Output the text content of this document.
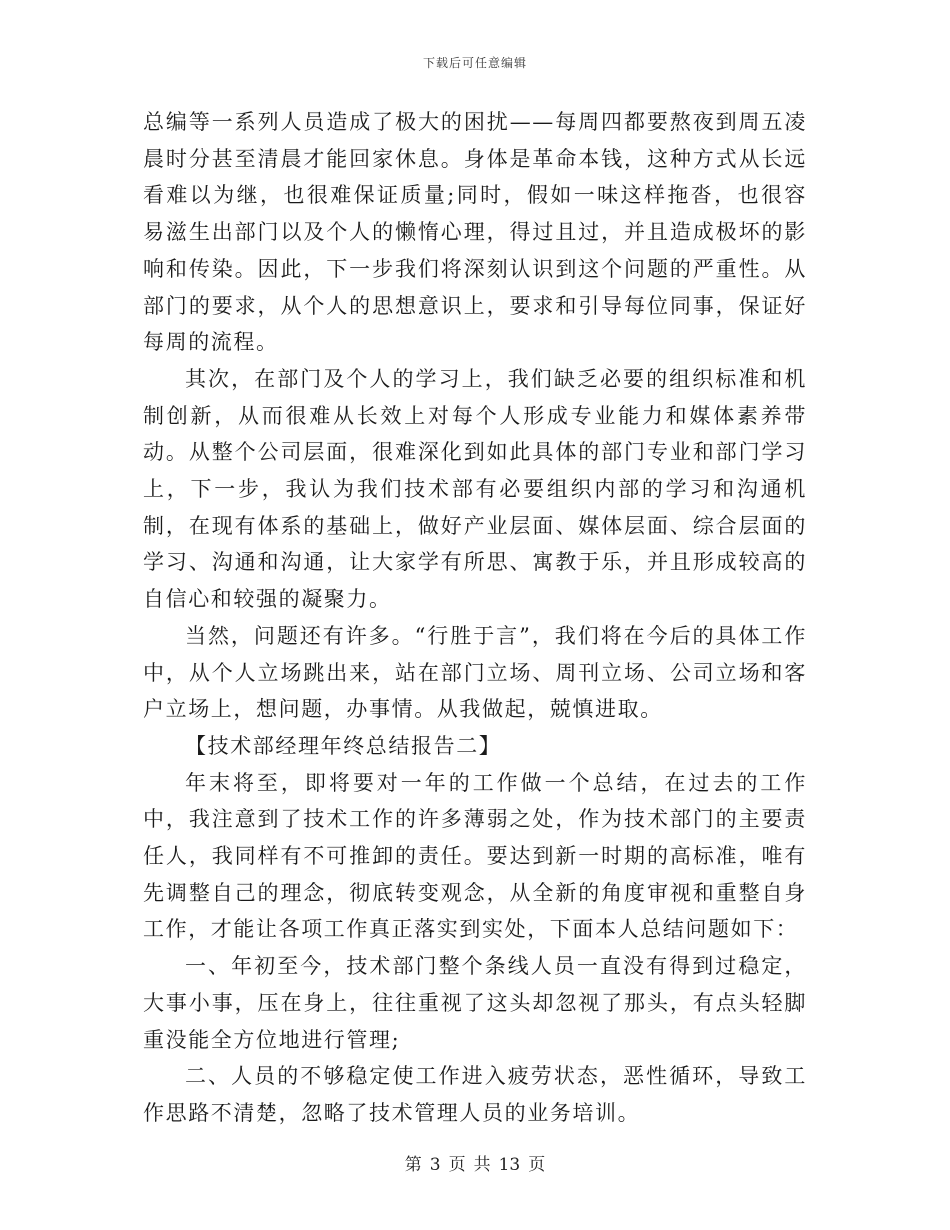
下载后可任意编辑

总编等一系列人员造成了极大的困扰——每周四都要熬夜到周五凌晨时分甚至清晨才能回家休息。身体是革命本钱，这种方式从长远看难以为继，也很难保证质量;同时，假如一味这样拖沓，也很容易滋生出部门以及个人的懒惰心理，得过且过，并且造成极坏的影响和传染。因此，下一步我们将深刻认识到这个问题的严重性。从部门的要求，从个人的思想意识上，要求和引导每位同事，保证好每周的流程。

其次，在部门及个人的学习上，我们缺乏必要的组织标准和机制创新，从而很难从长效上对每个人形成专业能力和媒体素养带动。从整个公司层面，很难深化到如此具体的部门专业和部门学习上，下一步，我认为我们技术部有必要组织内部的学习和沟通机制，在现有体系的基础上，做好产业层面、媒体层面、综合层面的学习、沟通和沟通，让大家学有所思、寓教于乐，并且形成较高的自信心和较强的凝聚力。

当然，问题还有许多。“行胜于言”，我们将在今后的具体工作中，从个人立场跳出来，站在部门立场、周刊立场、公司立场和客户立场上，想问题，办事情。从我做起，兢慎进取。

【技术部经理年终总结报告二】

年末将至，即将要对一年的工作做一个总结，在过去的工作中，我注意到了技术工作的许多薄弱之处，作为技术部门的主要责任人，我同样有不可推卸的责任。要达到新一时期的高标准，唯有先调整自己的理念，彻底转变观念，从全新的角度审视和重整自身工作，才能让各项工作真正落实到实处，下面本人总结问题如下：

一、年初至今，技术部门整个条线人员一直没有得到过稳定，大事小事，压在身上，往往重视了这头却忽视了那头，有点头轻脚重没能全方位地进行管理;

二、人员的不够稳定使工作进入疲劳状态，恶性循环，导致工作思路不清楚，忽略了技术管理人员的业务培训。

第 3 页 共 13 页
